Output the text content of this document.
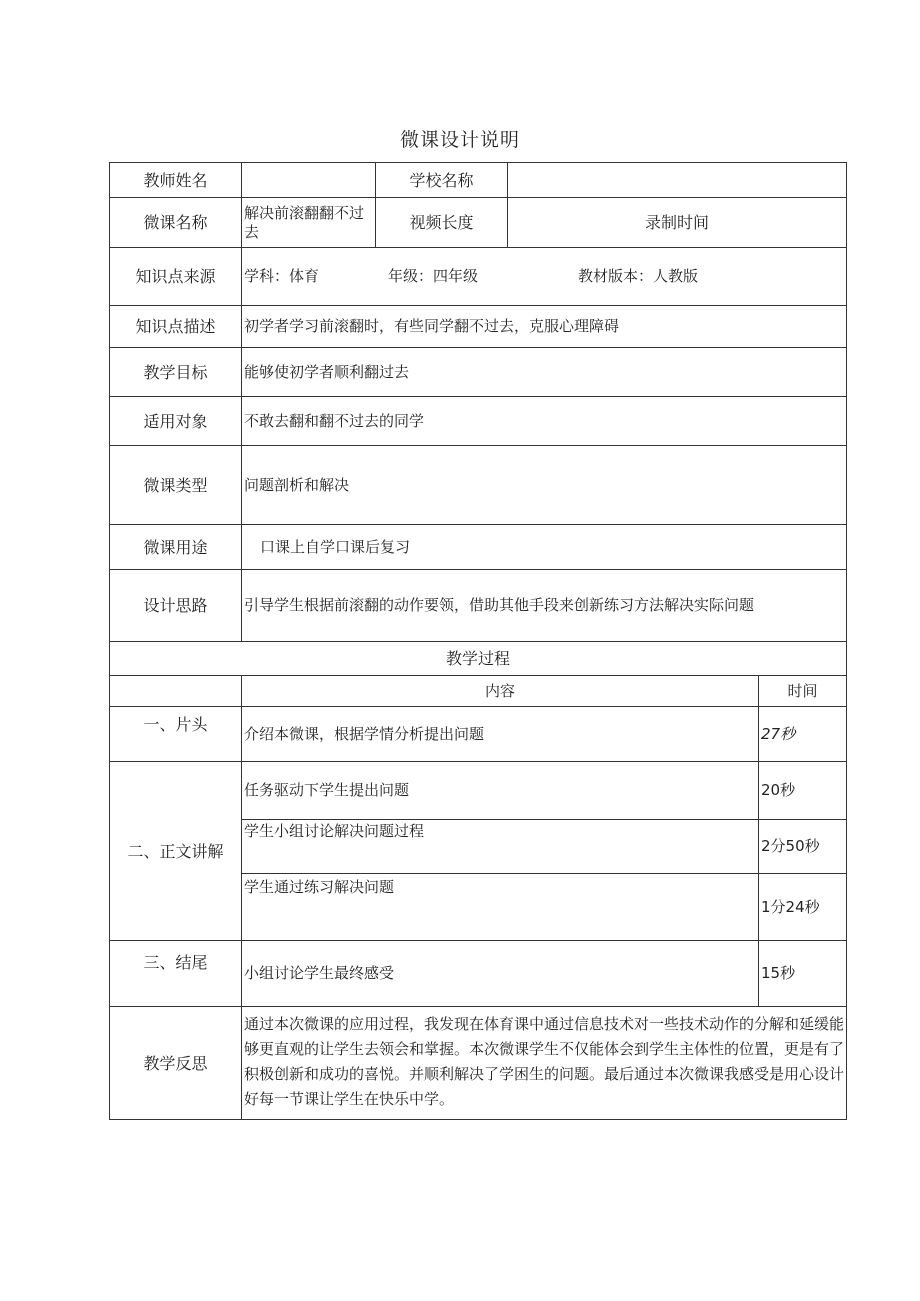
微课设计说明
教师姓名		学校名称		
微课名称	解决前滚翻翻不过去	视频长度	录制时间	
知识点来源	学科：体育 年级：四年级 教材版本：人教版			
知识点描述	初学者学习前滚翻时，有些同学翻不过去，克服心理障碍			
教学目标	能够使初学者顺利翻过去			
适用对象	不敢去翻和翻不过去的同学			
微课类型	问题剖析和解决			
微课用途	口课上自学口课后复习			
设计思路	引导学生根据前滚翻的动作要领，借助其他手段来创新练习方法解决实际问题			
教学过程				
	内容			时间
一、片头	介绍本微课，根据学情分析提出问题			27秒
二、正文讲解	任务驱动下学生提出问题			20秒
	学生小组讨论解决问题过程			2分50秒
	学生通过练习解决问题			1分24秒
三、结尾	小组讨论学生最终感受			15秒
教学反思	通过本次微课的应用过程，我发现在体育课中通过信息技术对一些技术动作的分解和延缓能够更直观的让学生去领会和掌握。本次微课学生不仅能体会到学生主体性的位置，更是有了积极创新和成功的喜悦。并顺利解决了学困生的问题。最后通过本次微课我感受是用心设计好每一节课让学生在快乐中学。			
